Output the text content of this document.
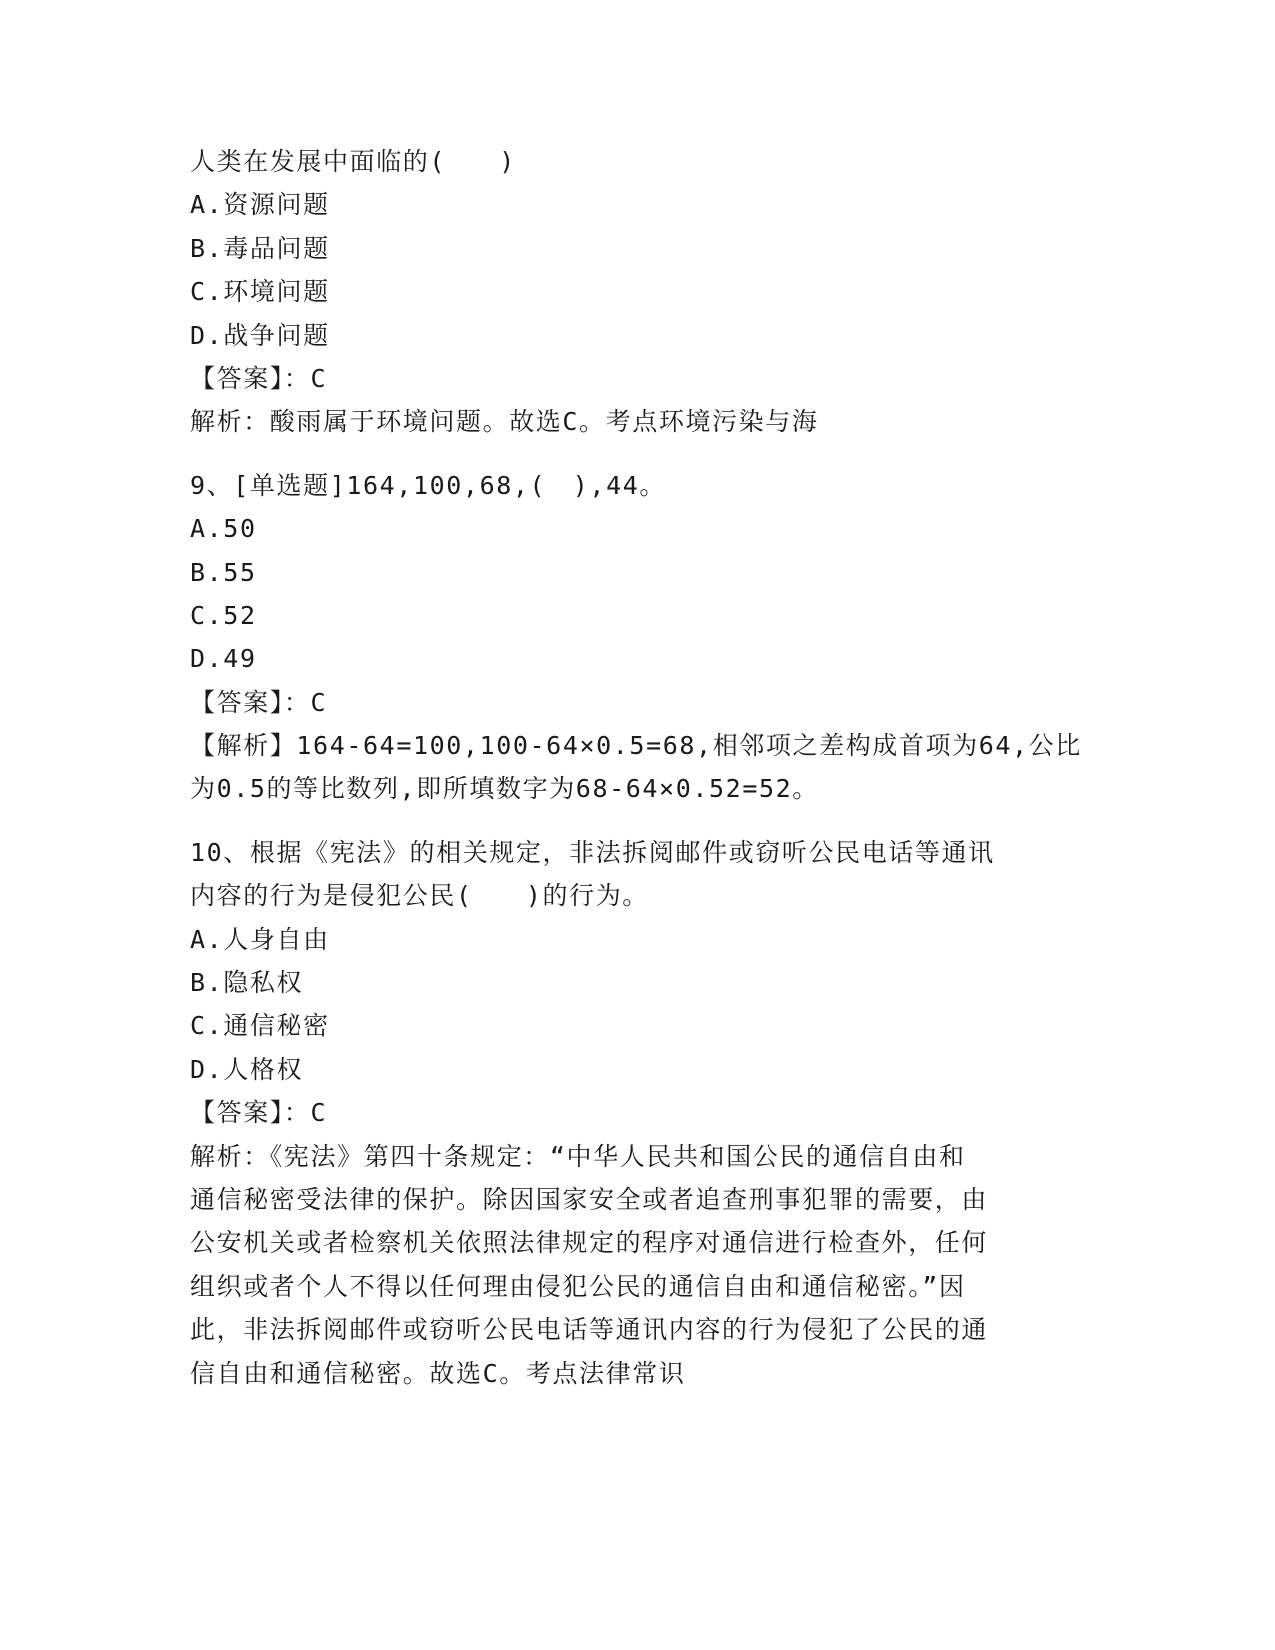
人类在发展中面临的(　　)
A.资源问题
B.毒品问题
C.环境问题
D.战争问题
【答案】：C
解析：酸雨属于环境问题。故选C。考点环境污染与海
9、[单选题]164,100,68,(　),44。
A.50
B.55
C.52
D.49
【答案】：C
【解析】164-64=100,100-64×0.5=68,相邻项之差构成首项为64,公比
为0.5的等比数列,即所填数字为68-64×0.52=52。
10、根据《宪法》的相关规定，非法拆阅邮件或窃听公民电话等通讯
内容的行为是侵犯公民(　　)的行为。
A.人身自由
B.隐私权
C.通信秘密
D.人格权
【答案】：C
解析：《宪法》第四十条规定：“中华人民共和国公民的通信自由和
通信秘密受法律的保护。除因国家安全或者追查刑事犯罪的需要，由
公安机关或者检察机关依照法律规定的程序对通信进行检查外，任何
组织或者个人不得以任何理由侵犯公民的通信自由和通信秘密。”因
此，非法拆阅邮件或窃听公民电话等通讯内容的行为侵犯了公民的通
信自由和通信秘密。故选C。考点法律常识
